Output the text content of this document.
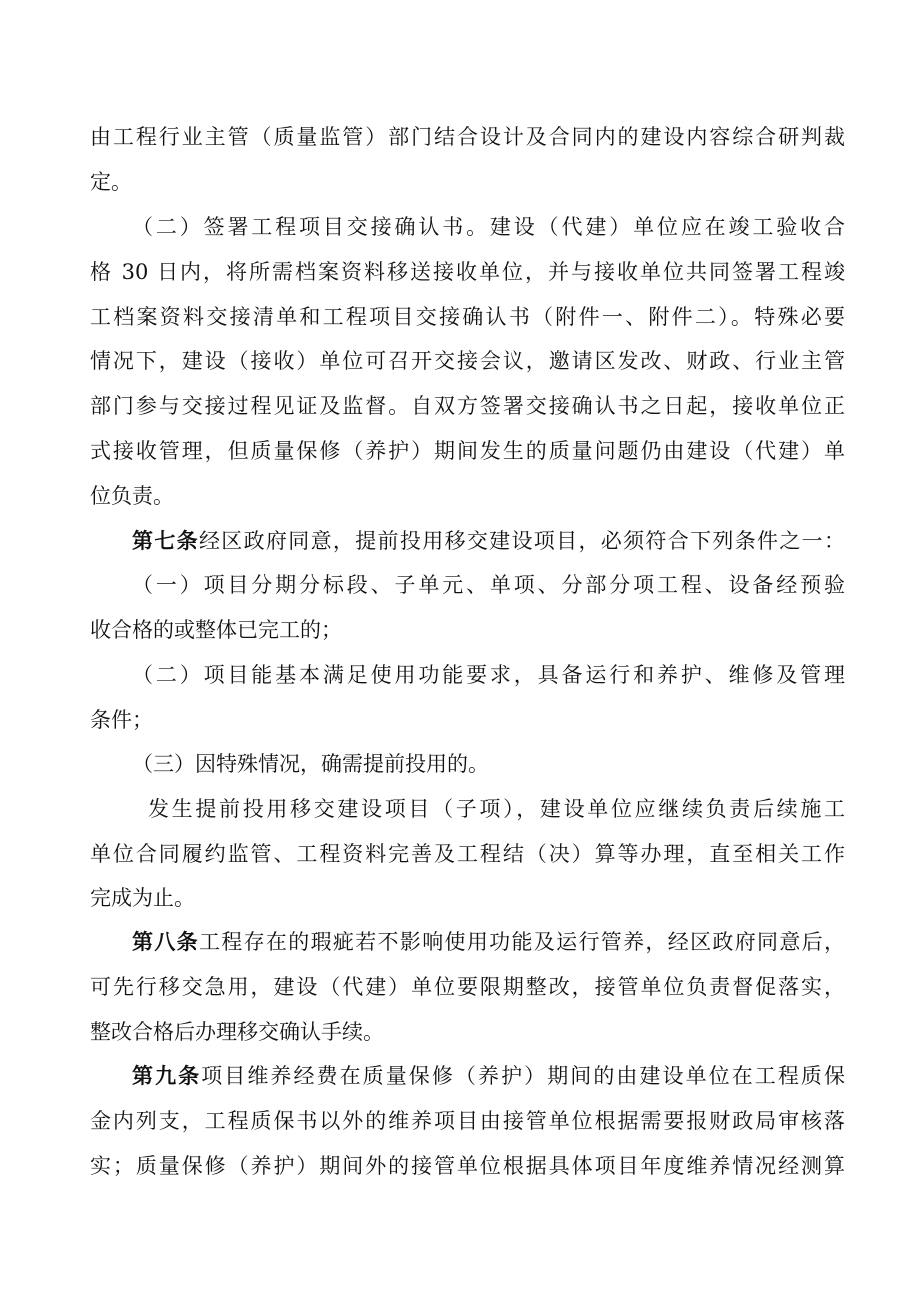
由工程行业主管（质量监管）部门结合设计及合同内的建设内容综合研判裁
定。
（二）签署工程项目交接确认书。建设（代建）单位应在竣工验收合
格 30 日内，将所需档案资料移送接收单位，并与接收单位共同签署工程竣
工档案资料交接清单和工程项目交接确认书（附件一、附件二）。特殊必要
情况下，建设（接收）单位可召开交接会议，邀请区发改、财政、行业主管
部门参与交接过程见证及监督。自双方签署交接确认书之日起，接收单位正
式接收管理，但质量保修（养护）期间发生的质量问题仍由建设（代建）单
位负责。
第七条经区政府同意，提前投用移交建设项目，必须符合下列条件之一：
（一）项目分期分标段、子单元、单项、分部分项工程、设备经预验
收合格的或整体已完工的；
（二）项目能基本满足使用功能要求，具备运行和养护、维修及管理
条件；
（三）因特殊情况，确需提前投用的。
发生提前投用移交建设项目（子项），建设单位应继续负责后续施工
单位合同履约监管、工程资料完善及工程结（决）算等办理，直至相关工作
完成为止。
第八条工程存在的瑕疵若不影响使用功能及运行管养，经区政府同意后，
可先行移交急用，建设（代建）单位要限期整改，接管单位负责督促落实，
整改合格后办理移交确认手续。
第九条项目维养经费在质量保修（养护）期间的由建设单位在工程质保
金内列支，工程质保书以外的维养项目由接管单位根据需要报财政局审核落
实；质量保修（养护）期间外的接管单位根据具体项目年度维养情况经测算
